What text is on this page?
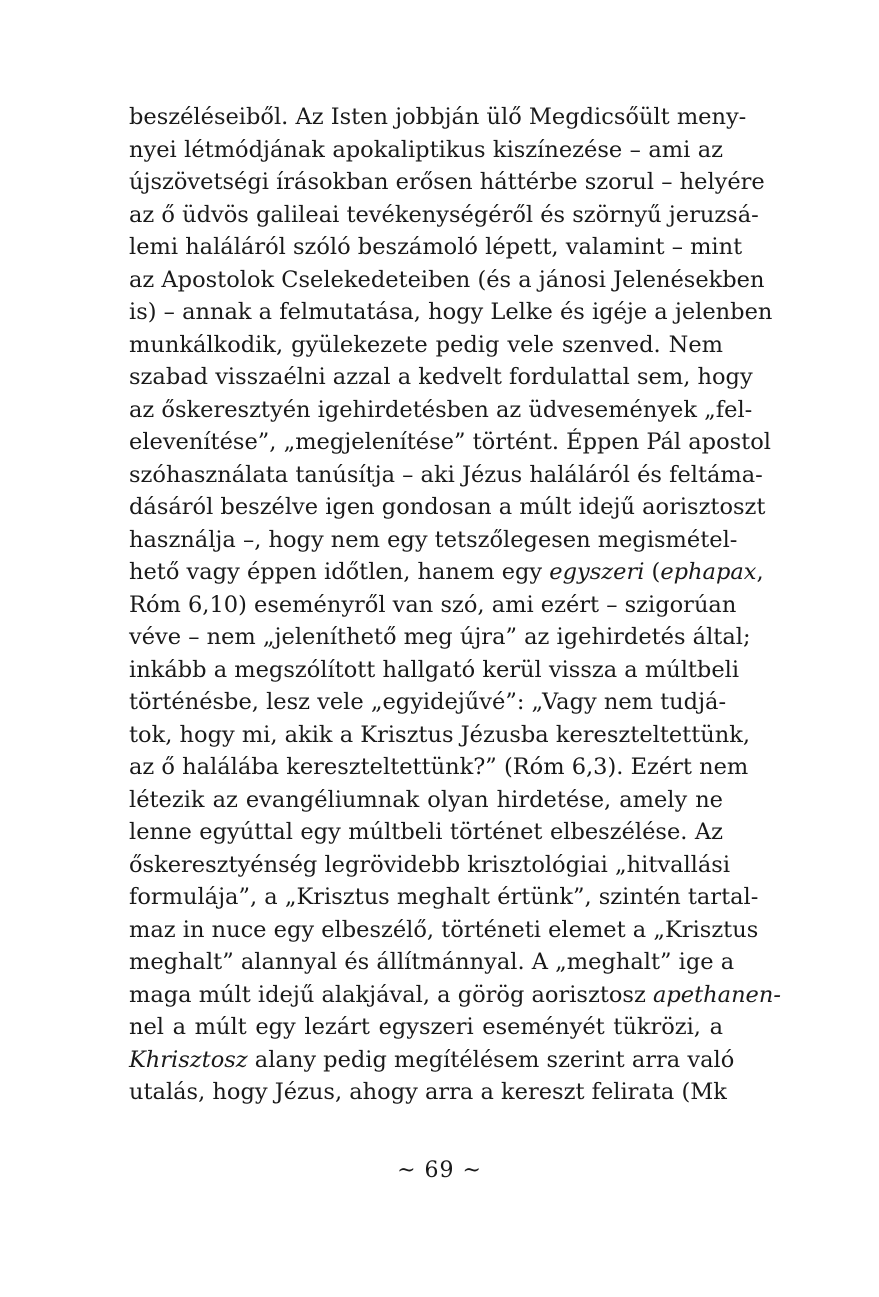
beszéléseiből. Az Isten jobbján ülő Megdicsőült meny-
nyei létmódjának apokaliptikus kiszínezése – ami az
újszövetségi írásokban erősen háttérbe szorul – helyére
az ő üdvös galileai tevékenységéről és szörnyű jeruzsá-
lemi haláláról szóló beszámoló lépett, valamint – mint
az Apostolok Cselekedeteiben (és a jánosi Jelenésekben
is) – annak a felmutatása, hogy Lelke és igéje a jelenben
munkálkodik, gyülekezete pedig vele szenved. Nem
szabad visszaélni azzal a kedvelt fordulattal sem, hogy
az őskeresztyén igehirdetésben az üdvesemények „fel-
elevenítése”, „megjelenítése” történt. Éppen Pál apostol
szóhasználata tanúsítja – aki Jézus haláláról és feltáma-
dásáról beszélve igen gondosan a múlt idejű aorisztoszt
használja –, hogy nem egy tetszőlegesen megismétel-
hető vagy éppen időtlen, hanem egy egyszeri (ephapax,
Róm 6,10) eseményről van szó, ami ezért – szigorúan
véve – nem „jeleníthető meg újra” az igehirdetés által;
inkább a megszólított hallgató kerül vissza a múltbeli
történésbe, lesz vele „egyidejűvé”: „Vagy nem tudjá-
tok, hogy mi, akik a Krisztus Jézusba kereszteltettünk,
az ő halálába kereszteltettünk?” (Róm 6,3). Ezért nem
létezik az evangéliumnak olyan hirdetése, amely ne
lenne egyúttal egy múltbeli történet elbeszélése. Az
őskeresztyénség legrövidebb krisztológiai „hitvallási
formulája”, a „Krisztus meghalt értünk”, szintén tartal-
maz in nuce egy elbeszélő, történeti elemet a „Krisztus
meghalt” alannyal és állítmánnyal. A „meghalt” ige a
maga múlt idejű alakjával, a görög aorisztosz apethanen-
nel a múlt egy lezárt egyszeri eseményét tükrözi, a
Khrisztosz alany pedig megítélésem szerint arra való
utalás, hogy Jézus, ahogy arra a kereszt felirata (Mk
~ 69 ~
